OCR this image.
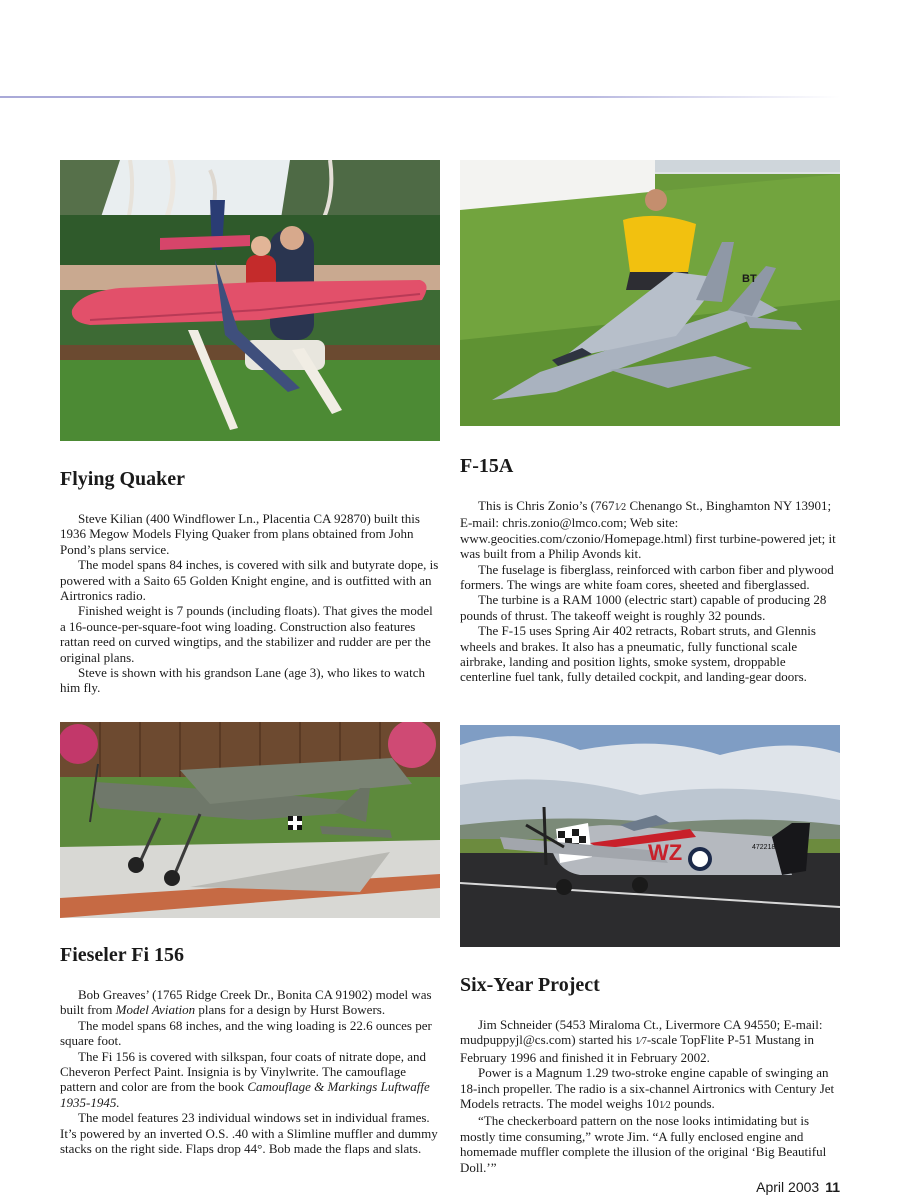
BT
Flying Quaker

Steve Kilian (400 Windflower Ln., Placentia CA 92870) built this 1936 Megow Models Flying Quaker from plans obtained from John Pond’s plans service.

The model spans 84 inches, is covered with silk and butyrate dope, is powered with a Saito 65 Golden Knight engine, and is outfitted with an Airtronics radio.

Finished weight is 7 pounds (including floats). That gives the model a 16-ounce-per-square-foot wing loading. Construction also features rattan reed on curved wingtips, and the stabilizer and rudder are per the original plans.

Steve is shown with his grandson Lane (age 3), who likes to watch him fly.

F-15A

This is Chris Zonio’s (7671⁄2 Chenango St., Binghamton NY 13901; E-mail: chris.zonio@lmco.com; Web site: www.geocities.com/czonio/Homepage.html) first turbine-powered jet; it was built from a Philip Avonds kit.

The fuselage is fiberglass, reinforced with carbon fiber and plywood formers. The wings are white foam cores, sheeted and fiberglassed.

The turbine is a RAM 1000 (electric start) capable of producing 28 pounds of thrust. The takeoff weight is roughly 32 pounds.

The F-15 uses Spring Air 402 retracts, Robart struts, and Glennis wheels and brakes. It also has a pneumatic, fully functional scale airbrake, landing and position lights, smoke system, droppable centerline fuel tank, fully detailed cockpit, and landing-gear doors.

WZ	472218
Fieseler Fi 156

Bob Greaves’ (1765 Ridge Creek Dr., Bonita CA 91902) model was built from Model Aviation plans for a design by Hurst Bowers.

The model spans 68 inches, and the wing loading is 22.6 ounces per square foot.

The Fi 156 is covered with silkspan, four coats of nitrate dope, and Cheveron Perfect Paint. Insignia is by Vinylwrite. The camouflage pattern and color are from the book Camouflage & Markings Luftwaffe 1935-1945.

The model features 23 individual windows set in individual frames. It’s powered by an inverted O.S. .40 with a Slimline muffler and dummy stacks on the right side. Flaps drop 44°. Bob made the flaps and slats.

Six-Year Project

Jim Schneider (5453 Miraloma Ct., Livermore CA 94550; E-mail: mudpuppyjl@cs.com) started his 1⁄7-scale TopFlite P-51 Mustang in February 1996 and finished it in February 2002.

Power is a Magnum 1.29 two-stroke engine capable of swinging an 18-inch propeller. The radio is a six-channel Airtronics with Century Jet Models retracts. The model weighs 101⁄2 pounds.

“The checkerboard pattern on the nose looks intimidating but is mostly time consuming,” wrote Jim. “A fully enclosed engine and homemade muffler complete the illusion of the original ‘Big Beautiful Doll.’”

April 2003 11
